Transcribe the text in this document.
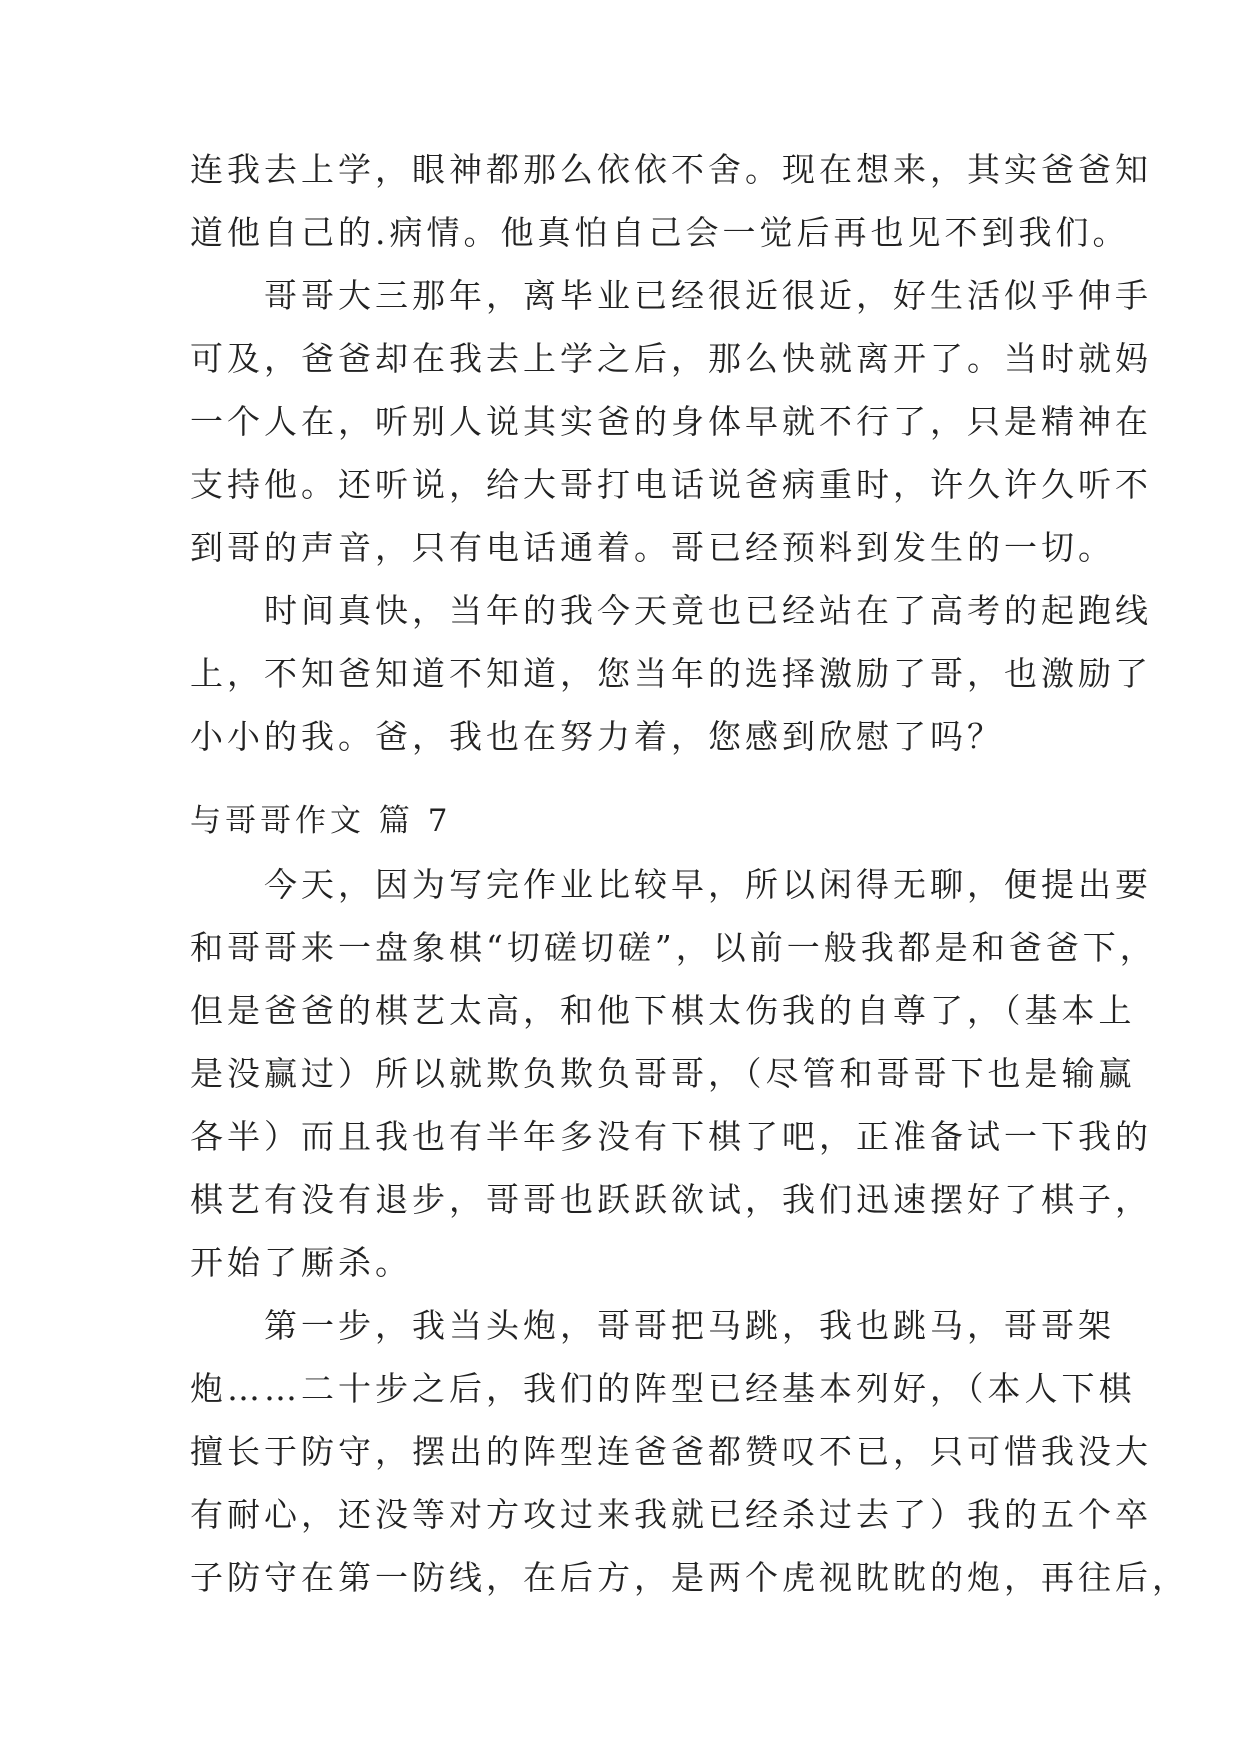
连我去上学，眼神都那么依依不舍。现在想来，其实爸爸知
道他自己的.病情。他真怕自己会一觉后再也见不到我们。
　　哥哥大三那年，离毕业已经很近很近，好生活似乎伸手
可及，爸爸却在我去上学之后，那么快就离开了。当时就妈
一个人在，听别人说其实爸的身体早就不行了，只是精神在
支持他。还听说，给大哥打电话说爸病重时，许久许久听不
到哥的声音，只有电话通着。哥已经预料到发生的一切。
　　时间真快，当年的我今天竟也已经站在了高考的起跑线
上，不知爸知道不知道，您当年的选择激励了哥，也激励了
小小的我。爸，我也在努力着，您感到欣慰了吗？
与哥哥作文 篇 7
　　今天，因为写完作业比较早，所以闲得无聊，便提出要
和哥哥来一盘象棋“切磋切磋”，以前一般我都是和爸爸下，
但是爸爸的棋艺太高，和他下棋太伤我的自尊了，（基本上
是没赢过）所以就欺负欺负哥哥，（尽管和哥哥下也是输赢
各半）而且我也有半年多没有下棋了吧，正准备试一下我的
棋艺有没有退步，哥哥也跃跃欲试，我们迅速摆好了棋子，
开始了厮杀。
　　第一步，我当头炮，哥哥把马跳，我也跳马，哥哥架
炮……二十步之后，我们的阵型已经基本列好，（本人下棋
擅长于防守，摆出的阵型连爸爸都赞叹不已，只可惜我没大
有耐心，还没等对方攻过来我就已经杀过去了）我的五个卒
子防守在第一防线，在后方，是两个虎视眈眈的炮，再往后，
